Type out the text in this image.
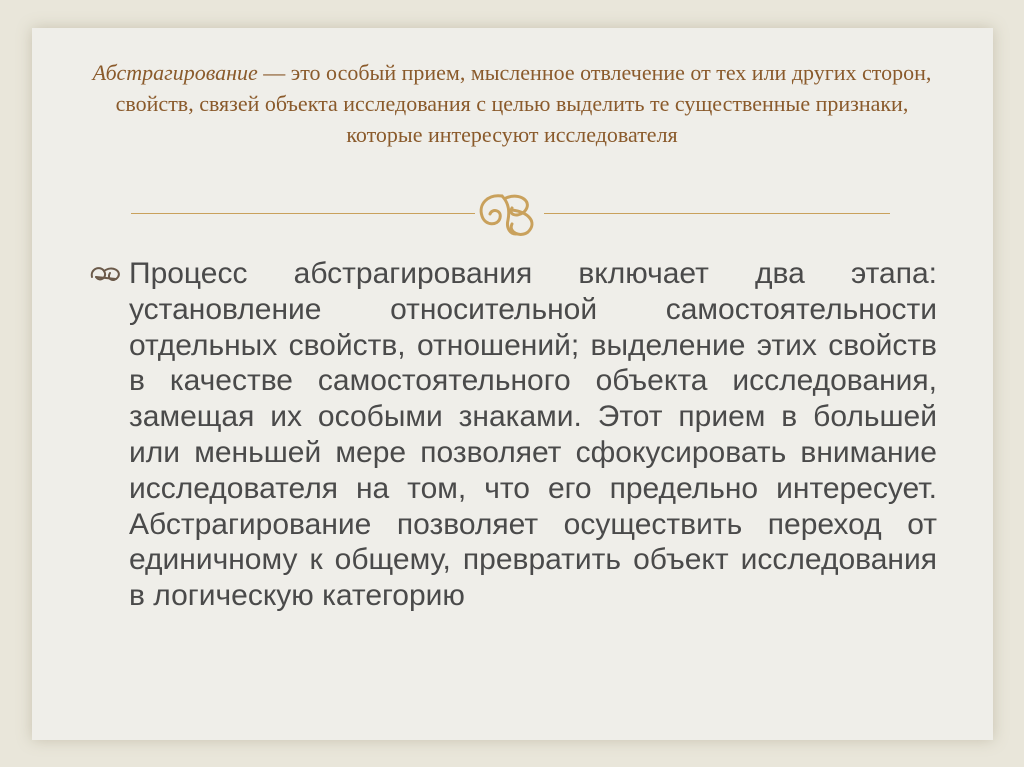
Абстрагирование — это особый прием, мысленное отвлечение от тех или других сторон, свойств, связей объекта исследования с целью выделить те существенные признаки, которые интересуют исследователя
Процесс абстрагирования включает два этапа: установление относительной самостоятельности отдельных свойств, отношений; выделение этих свойств в качестве самостоятельного объекта исследования, замещая их особыми знаками. Этот прием в большей или меньшей мере позволяет сфокусировать внимание исследователя на том, что его предельно интересует. Абстрагирование позволяет осуществить переход от единичному к общему, превратить объект исследования в логическую категорию
